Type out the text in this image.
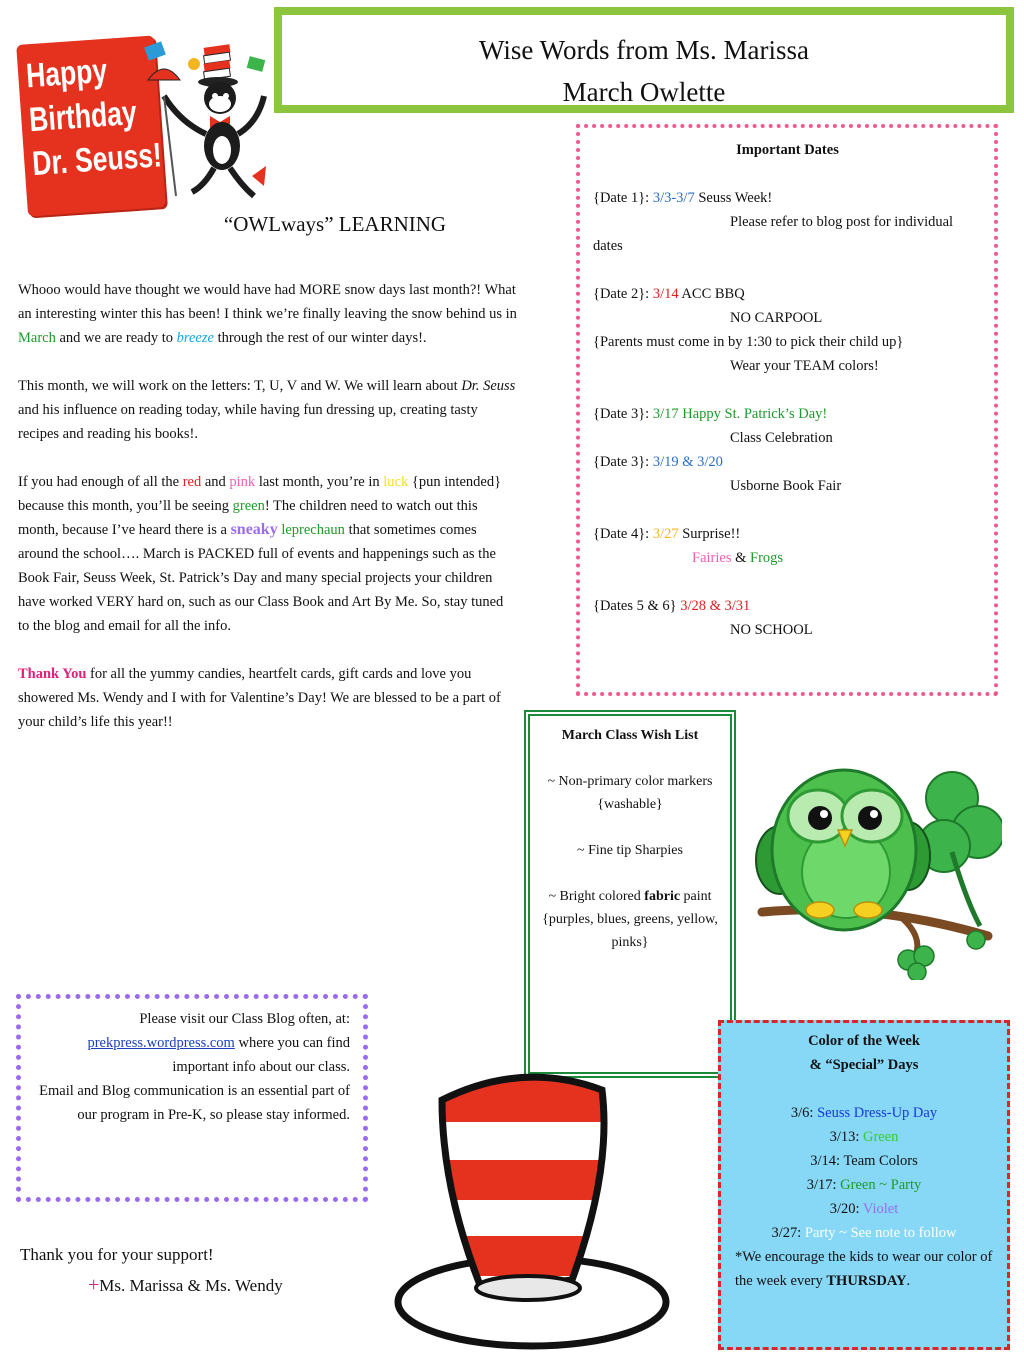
Wise Words from Ms. Marissa
March Owlette
Happy
Birthday
Dr. Seuss!
“OWLways” LEARNING

Whooo would have thought we would have had MORE snow days last month?! What an interesting winter this has been! I think we’re finally leaving the snow behind us in March and we are ready to breeze through the rest of our winter days!.

This month, we will work on the letters: T, U, V and W. We will learn about Dr. Seuss and his influence on reading today, while having fun dressing up, creating tasty recipes and reading his books!.

If you had enough of all the red and pink last month, you’re in luck {pun intended} because this month, you’ll be seeing green! The children need to watch out this month, because I’ve heard there is a sneaky leprechaun that sometimes comes around the school…. March is PACKED full of events and happenings such as the Book Fair, Seuss Week, St. Patrick’s Day and many special projects your children have worked VERY hard on, such as our Class Book and Art By Me. So, stay tuned to the blog and email for all the info.

Thank You for all the yummy candies, heartfelt cards, gift cards and love you showered Ms. Wendy and I with for Valentine’s Day! We are blessed to be a part of your child’s life this year!!

Important Dates
{Date 1}: 3/3-3/7 Seuss Week!
Please refer to blog post for individual dates
{Date 2}: 3/14 ACC BBQ
NO CARPOOL
{Parents must come in by 1:30 to pick their child up}
Wear your TEAM colors!
{Date 3}: 3/17 Happy St. Patrick’s Day!
Class Celebration
{Date 3}: 3/19 & 3/20
Usborne Book Fair
{Date 4}: 3/27 Surprise!!
Fairies & Frogs
{Dates 5 & 6} 3/28 & 3/31
NO SCHOOL
March Class Wish List
~ Non-primary color markers {washable}
~ Fine tip Sharpies
~ Bright colored fabric paint {purples, blues, greens, yellow, pinks}
Please visit our Class Blog often, at:
prekpress.wordpress.com where you can find important info about our class.
Email and Blog communication is an essential part of our program in Pre-K, so please stay informed.
Color of the Week
& “Special” Days
3/6: Seuss Dress-Up Day
3/13: Green
3/14: Team Colors
3/17: Green ~ Party
3/20: Violet
3/27: Party ~ See note to follow
*We encourage the kids to wear our color of the week every THURSDAY.
Thank you for your support!
+Ms. Marissa & Ms. Wendy
